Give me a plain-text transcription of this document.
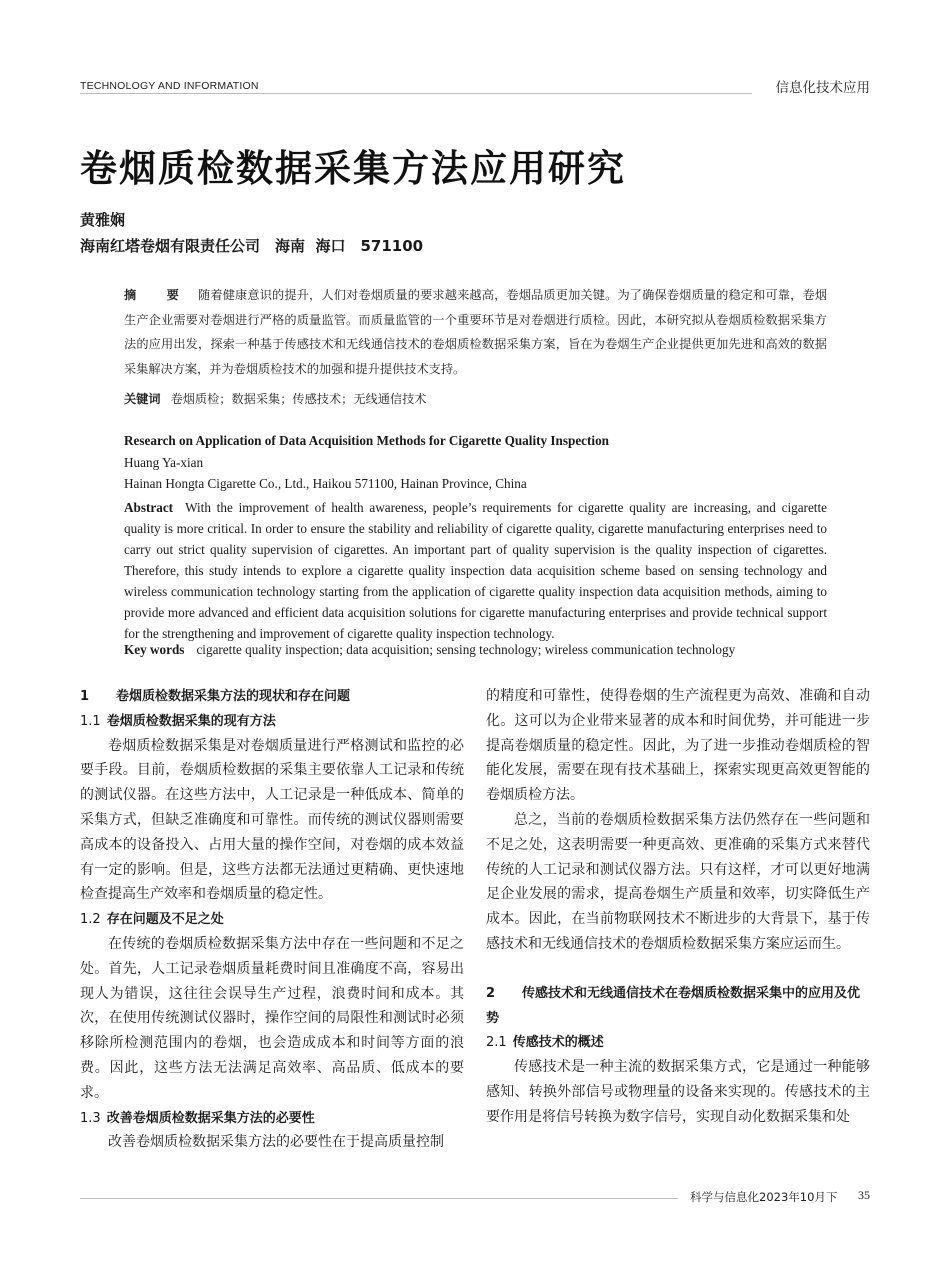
TECHNOLOGY AND INFORMATION	信息化技术应用
卷烟质检数据采集方法应用研究
黄雅娴
海南红塔卷烟有限责任公司　海南  海口　571100
摘　要 随着健康意识的提升，人们对卷烟质量的要求越来越高，卷烟品质更加关键。为了确保卷烟质量的稳定和可靠，卷烟生产企业需要对卷烟进行严格的质量监管。而质量监管的一个重要环节是对卷烟进行质检。因此，本研究拟从卷烟质检数据采集方法的应用出发，探索一种基于传感技术和无线通信技术的卷烟质检数据采集方案，旨在为卷烟生产企业提供更加先进和高效的数据采集解决方案，并为卷烟质检技术的加强和提升提供技术支持。
关键词 卷烟质检；数据采集；传感技术；无线通信技术
Research on Application of Data Acquisition Methods for Cigarette Quality Inspection
Huang Ya-xian
Hainan Hongta Cigarette Co., Ltd., Haikou 571100, Hainan Province, China
Abstract With the improvement of health awareness, people’s requirements for cigarette quality are increasing, and cigarette quality is more critical. In order to ensure the stability and reliability of cigarette quality, cigarette manufacturing enterprises need to carry out strict quality supervision of cigarettes. An important part of quality supervision is the quality inspection of cigarettes. Therefore, this study intends to explore a cigarette quality inspection data acquisition scheme based on sensing technology and wireless communication technology starting from the application of cigarette quality inspection data acquisition methods, aiming to provide more advanced and efficient data acquisition solutions for cigarette manufacturing enterprises and provide technical support for the strengthening and improvement of cigarette quality inspection technology.
Key words cigarette quality inspection; data acquisition; sensing technology; wireless communication technology
1 卷烟质检数据采集方法的现状和存在问题
1.1 卷烟质检数据采集的现有方法

卷烟质检数据采集是对卷烟质量进行严格测试和监控的必要手段。目前，卷烟质检数据的采集主要依靠人工记录和传统的测试仪器。在这些方法中，人工记录是一种低成本、简单的采集方式，但缺乏准确度和可靠性。而传统的测试仪器则需要高成本的设备投入、占用大量的操作空间，对卷烟的成本效益有一定的影响。但是，这些方法都无法通过更精确、更快速地检查提高生产效率和卷烟质量的稳定性。

1.2 存在问题及不足之处

在传统的卷烟质检数据采集方法中存在一些问题和不足之处。首先，人工记录卷烟质量耗费时间且准确度不高，容易出现人为错误，这往往会误导生产过程，浪费时间和成本。其次，在使用传统测试仪器时，操作空间的局限性和测试时必须移除所检测范围内的卷烟，也会造成成本和时间等方面的浪费。因此，这些方法无法满足高效率、高品质、低成本的要求。

1.3 改善卷烟质检数据采集方法的必要性

改善卷烟质检数据采集方法的必要性在于提高质量控制

的精度和可靠性，使得卷烟的生产流程更为高效、准确和自动化。这可以为企业带来显著的成本和时间优势，并可能进一步提高卷烟质量的稳定性。因此，为了进一步推动卷烟质检的智能化发展，需要在现有技术基础上，探索实现更高效更智能的卷烟质检方法。

总之，当前的卷烟质检数据采集方法仍然存在一些问题和不足之处，这表明需要一种更高效、更准确的采集方式来替代传统的人工记录和测试仪器方法。只有这样，才可以更好地满足企业发展的需求，提高卷烟生产质量和效率，切实降低生产成本。因此，在当前物联网技术不断进步的大背景下，基于传感技术和无线通信技术的卷烟质检数据采集方案应运而生。

2 传感技术和无线通信技术在卷烟质检数据采集中的应用及优势
2.1 传感技术的概述

传感技术是一种主流的数据采集方式，它是通过一种能够感知、转换外部信号或物理量的设备来实现的。传感技术的主要作用是将信号转换为数字信号，实现自动化数据采集和处

科学与信息化2023年10月下 35
